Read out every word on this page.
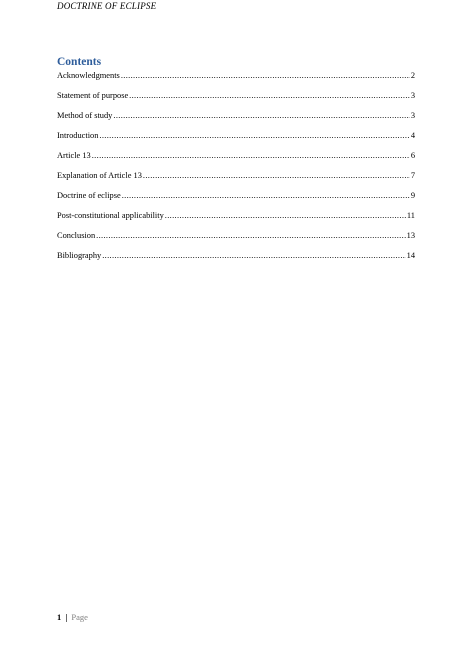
DOCTRINE OF ECLIPSE
Contents
Acknowledgments .....	2
Statement of purpose .....	3
Method of study .....	3
Introduction .....	4
Article 13 .....	6
Explanation of Article 13 .....	7
Doctrine of eclipse .....	9
Post-constitutional applicability .....	11
Conclusion .....	13
Bibliography .....	14
1 | Page
